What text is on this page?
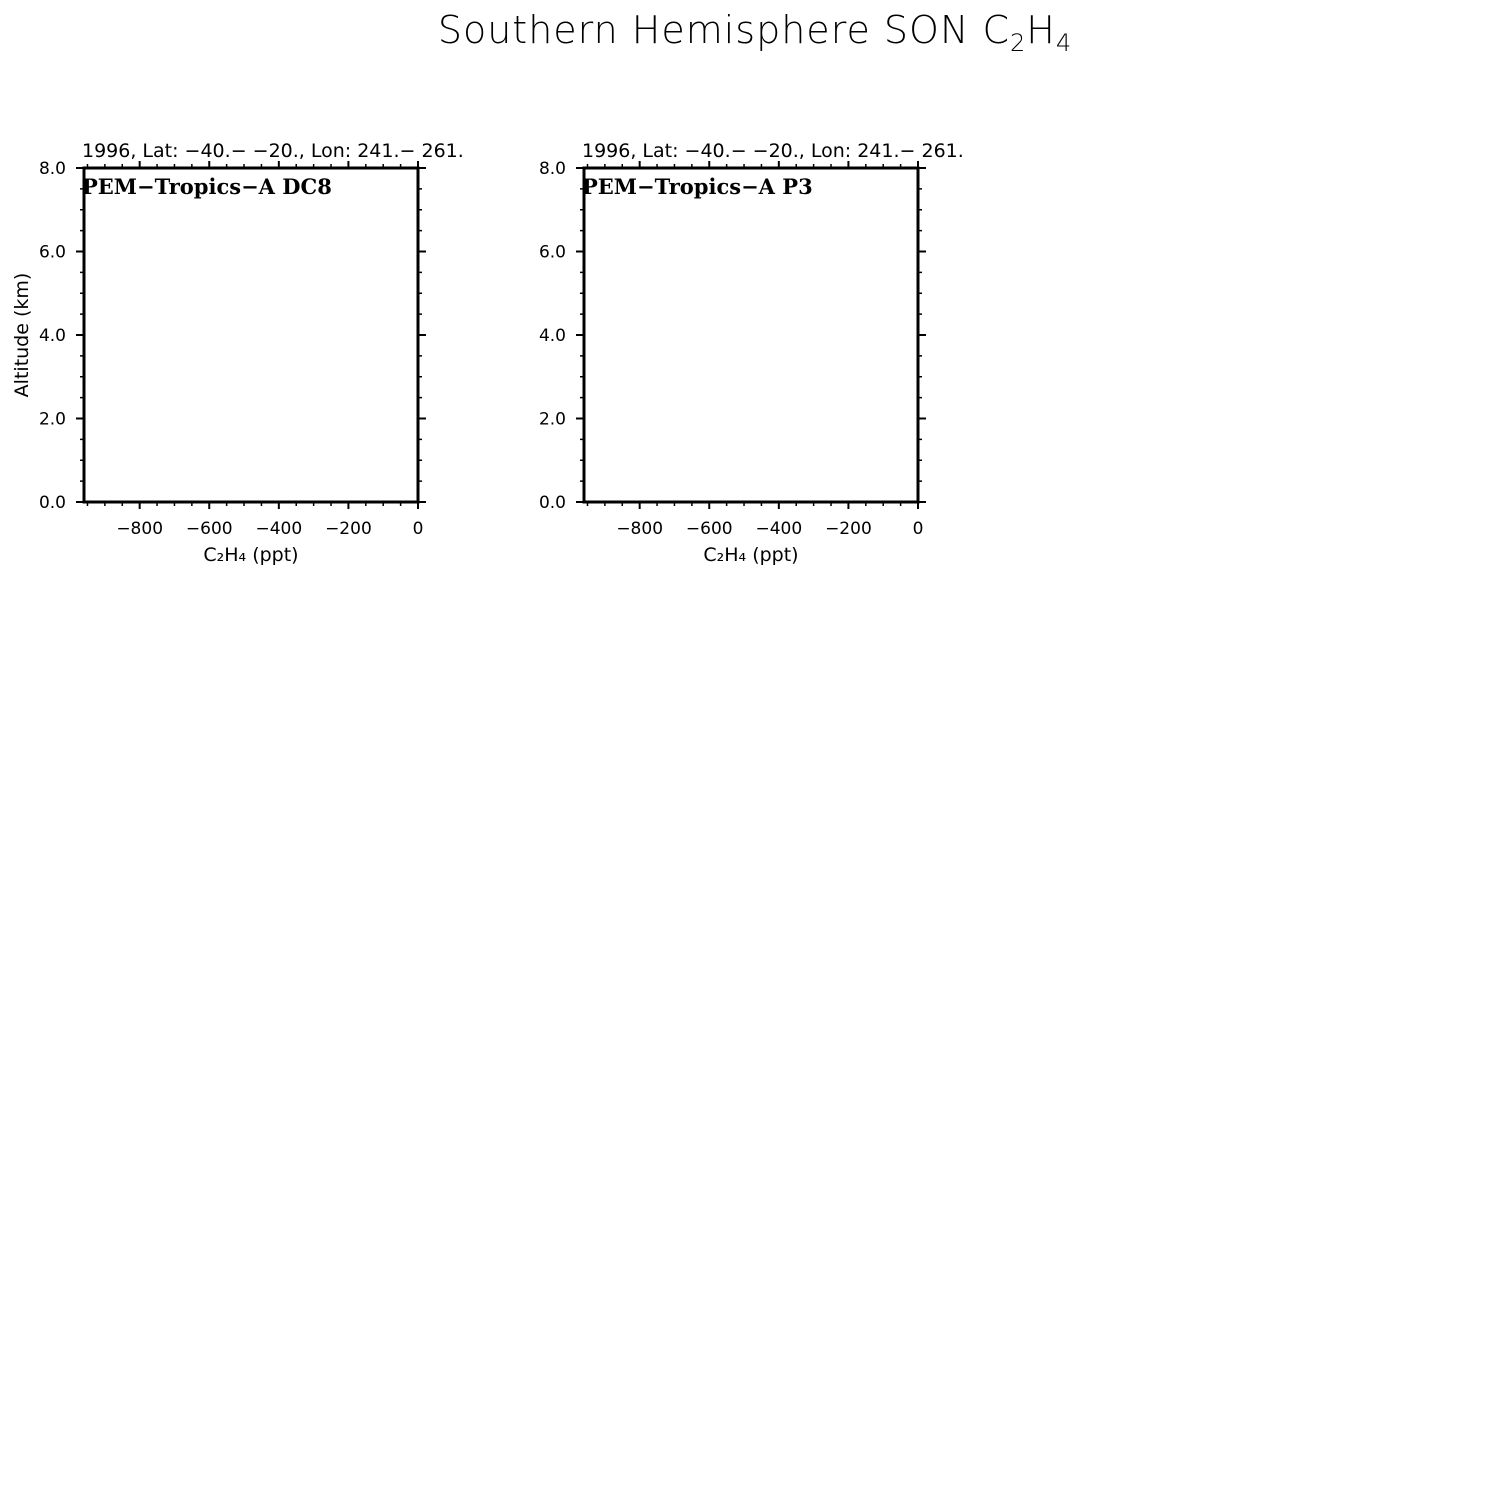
Southern Hemisphere SON $C_2H_4$
1996, Lat: −40.− −20., Lon: 241.− 261.
−800 −600 −400 −200 0
0.0
2.0
4.0
6.0
8.0
PEM−Tropics−A DC8
C₂H₄ (ppt)
Altitude (km)
1996, Lat: −40.− −20., Lon: 241.− 261.
−800 −600 −400 −200 0
0.0
2.0
4.0
6.0
8.0
PEM−Tropics−A P3
C₂H₄ (ppt)
